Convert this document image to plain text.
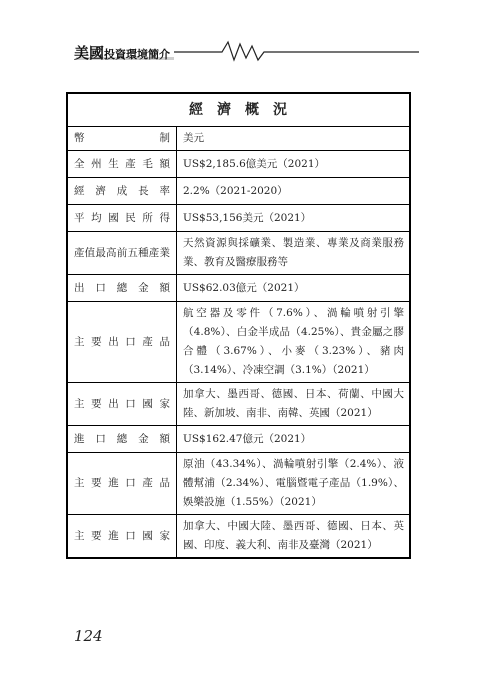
美國投資環境簡介
經濟概況	
幣制	美元
全州生產毛額	US$2,185.6億美元（2021）
經濟成長率	2.2%（2021-2020）
平均國民所得	US$53,156美元（2021）
產值最高前五種產業	天然資源與採礦業、製造業、專業及商業服務業、教育及醫療服務等
出口總金額	US$62.03億元（2021）
主要出口產品	航空器及零件（7.6%）、渦輪噴射引擎（4.8%）、白金半成品（4.25%）、貴金屬之膠合體（3.67%）、小麥（3.23%）、豬肉（3.14%）、冷凍空調（3.1%）（2021）
主要出口國家	加拿大、墨西哥、德國、日本、荷蘭、中國大陸、新加坡、南非、南韓、英國（2021）
進口總金額	US$162.47億元（2021）
主要進口產品	原油（43.34%）、渦輪噴射引擎（2.4%）、液體幫浦（2.34%）、電腦暨電子產品（1.9%）、娛樂設施（1.55%）（2021）
主要進口國家	加拿大、中國大陸、墨西哥、德國、日本、英國、印度、義大利、南非及臺灣（2021）
124
